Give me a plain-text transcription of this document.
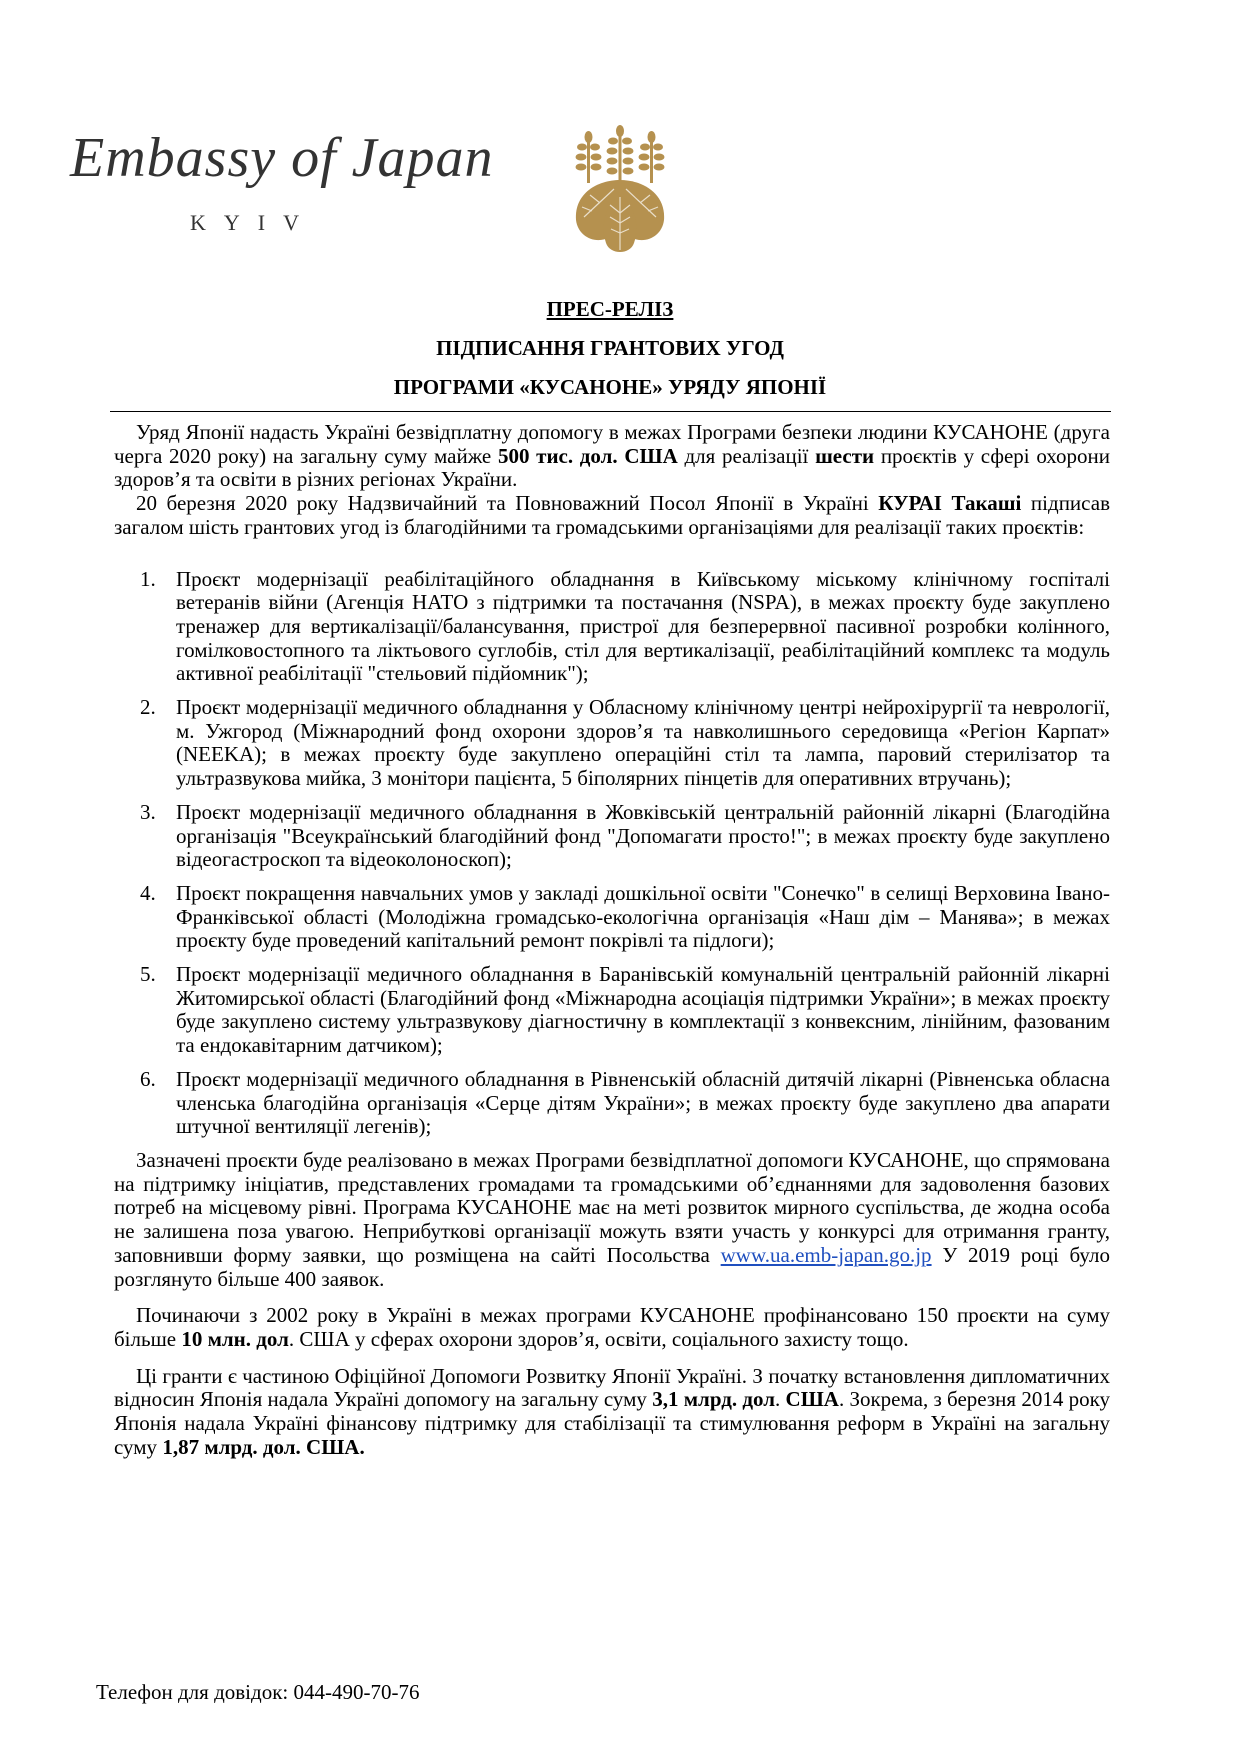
Embassy of Japan
KYIV
ПРЕС-РЕЛІЗ
ПІДПИСАННЯ ГРАНТОВИХ УГОД
ПРОГРАМИ «КУСАНОНЕ» УРЯДУ ЯПОНІЇ

Уряд Японії надасть Україні безвідплатну допомогу в межах Програми безпеки людини КУСАНОНЕ (друга черга 2020 року) на загальну суму майже 500 тис. дол. США для реалізації шести проєктів у сфері охорони здоров’я та освіти в різних регіонах України.

20 березня 2020 року Надзвичайний та Повноважний Посол Японії в Україні КУРАІ Такаші підписав загалом шість грантових угод із благодійними та громадськими організаціями для реалізації таких проєктів:

1. Проєкт модернізації реабілітаційного обладнання в Київському міському клінічному госпіталі ветеранів війни (Агенція НАТО з підтримки та постачання (NSPA), в межах проєкту буде закуплено тренажер для вертикалізації/балансування, пристрої для безперервної пасивної розробки колінного, гомілковостопного та ліктьового суглобів, стіл для вертикалізації, реабілітаційний комплекс та модуль активної реабілітації "стельовий підйомник");
2. Проєкт модернізації медичного обладнання у Обласному клінічному центрі нейрохірургії та неврології, м. Ужгород (Міжнародний фонд охорони здоров’я та навколишнього середовища «Регіон Карпат» (NEEKA); в межах проєкту буде закуплено операційні стіл та лампа, паровий стерилізатор та ультразвукова мийка, 3 монітори пацієнта, 5 біполярних пінцетів для оперативних втручань);
3. Проєкт модернізації медичного обладнання в Жовківській центральній районній лікарні (Благодійна організація "Всеукраїнський благодійний фонд "Допомагати просто!"; в межах проєкту буде закуплено відеогастроскоп та відеоколоноскоп);
4. Проєкт покращення навчальних умов у закладі дошкільної освіти "Сонечко" в селищі Верховина Івано-Франківської області (Молодіжна громадсько-екологічна організація «Наш дім – Манява»; в межах проєкту буде проведений капітальний ремонт покрівлі та підлоги);
5. Проєкт модернізації медичного обладнання в Баранівській комунальній центральній районній лікарні Житомирської області (Благодійний фонд «Міжнародна асоціація підтримки України»; в межах проєкту буде закуплено систему ультразвукову діагностичну в комплектації з конвексним, лінійним, фазованим та ендокавітарним датчиком);
6. Проєкт модернізації медичного обладнання в Рівненській обласній дитячій лікарні (Рівненська обласна членська благодійна організація «Серце дітям України»; в межах проєкту буде закуплено два апарати штучної вентиляції легенів);

Зазначені проєкти буде реалізовано в межах Програми безвідплатної допомоги КУСАНОНЕ, що спрямована на підтримку ініціатив, представлених громадами та громадськими об’єднаннями для задоволення базових потреб на місцевому рівні. Програма КУСАНОНЕ має на меті розвиток мирного суспільства, де жодна особа не залишена поза увагою. Неприбуткові організації можуть взяти участь у конкурсі для отримання гранту, заповнивши форму заявки, що розміщена на сайті Посольства www.ua.emb-japan.go.jp У 2019 році було розглянуто більше 400 заявок.

Починаючи з 2002 року в Україні в межах програми КУСАНОНЕ профінансовано 150 проєкти на суму більше 10 млн. дол. США у сферах охорони здоров’я, освіти, соціального захисту тощо.

Ці гранти є частиною Офіційної Допомоги Розвитку Японії Україні. З початку встановлення дипломатичних відносин Японія надала Україні допомогу на загальну суму 3,1 млрд. дол. США. Зокрема, з березня 2014 року Японія надала Україні фінансову підтримку для стабілізації та стимулювання реформ в Україні на загальну суму 1,87 млрд. дол. США.

Телефон для довідок: 044-490-70-76
